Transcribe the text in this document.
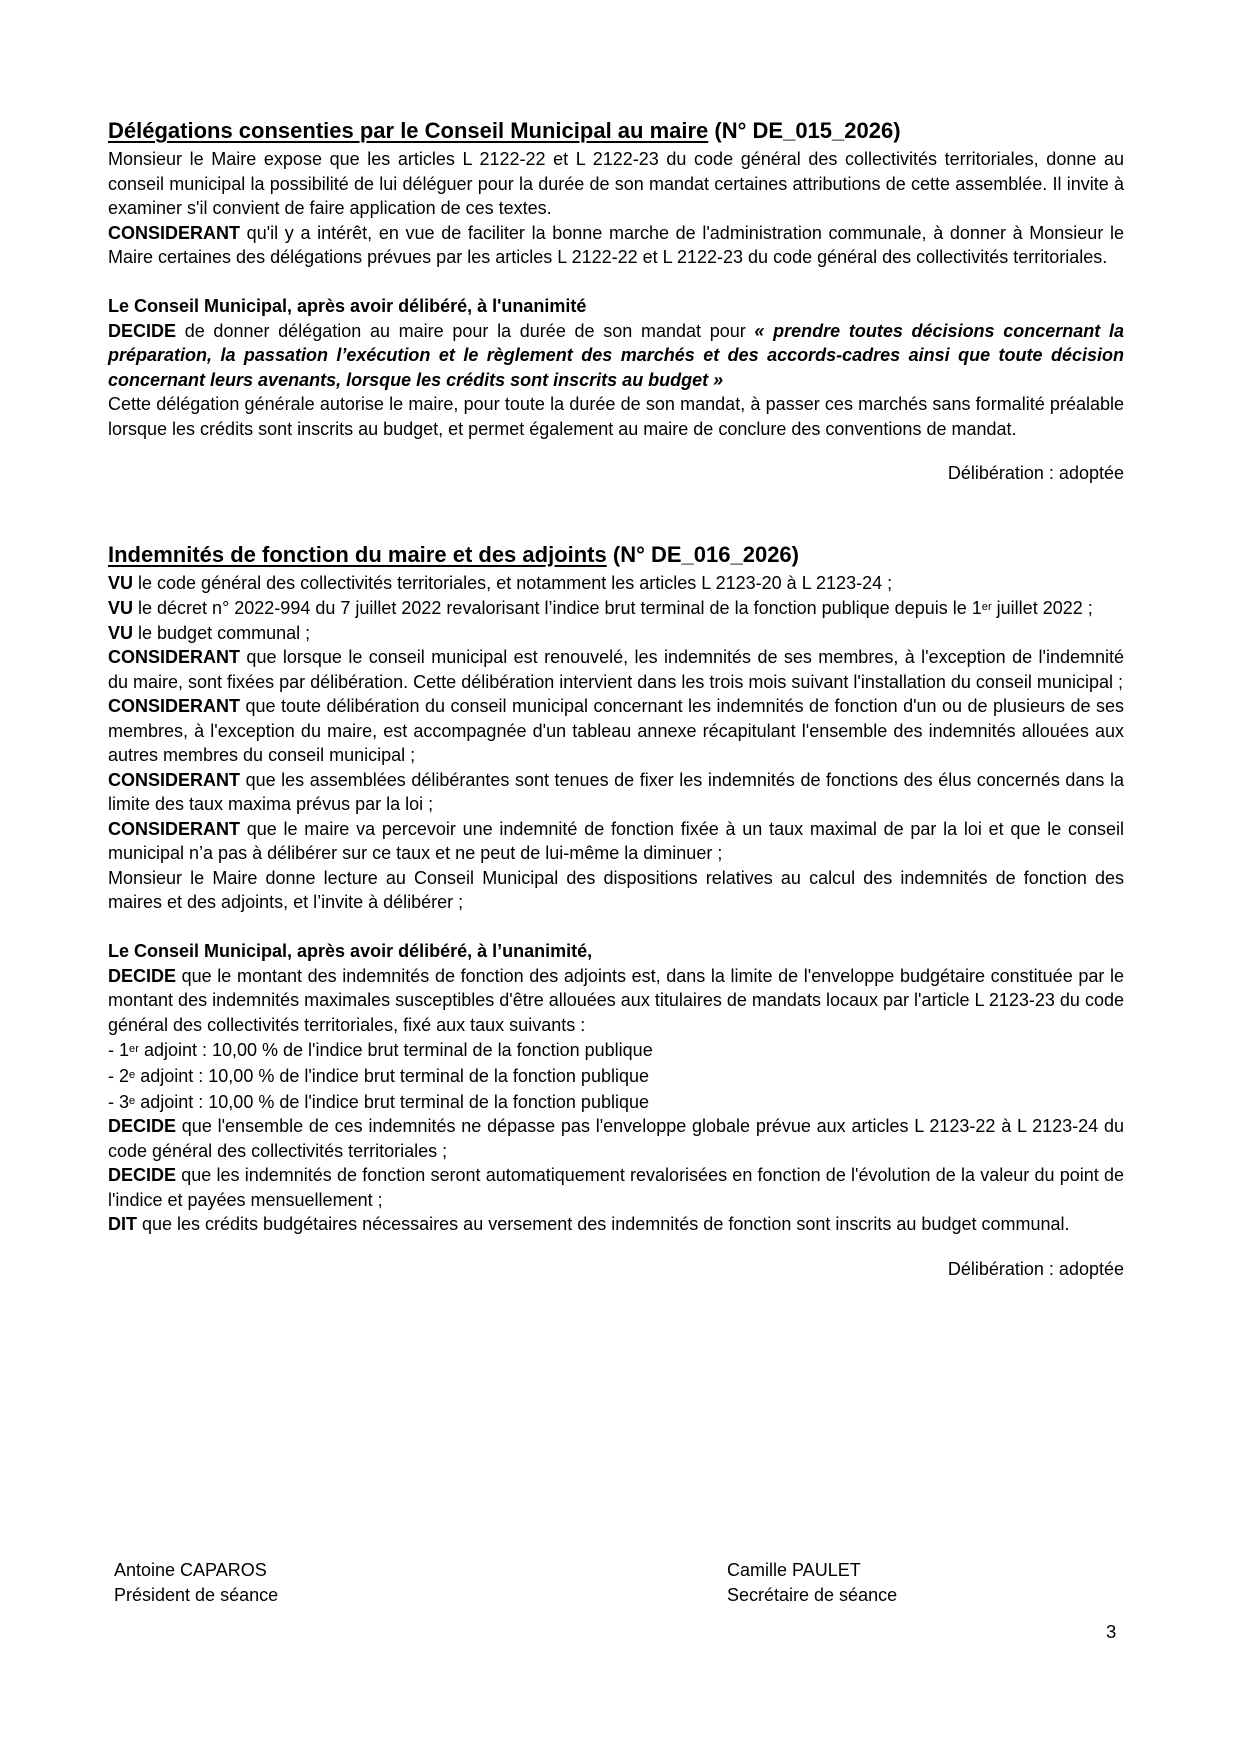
Délégations consenties par le Conseil Municipal au maire (N° DE_015_2026)

Monsieur le Maire expose que les articles L 2122-22 et L 2122-23 du code général des collectivités territoriales, donne au conseil municipal la possibilité de lui déléguer pour la durée de son mandat certaines attributions de cette assemblée. Il invite à examiner s'il convient de faire application de ces textes.

CONSIDERANT qu'il y a intérêt, en vue de faciliter la bonne marche de l'administration communale, à donner à Monsieur le Maire certaines des délégations prévues par les articles L 2122-22 et L 2122-23 du code général des collectivités territoriales.

Le Conseil Municipal, après avoir délibéré, à l'unanimité

DECIDE de donner délégation au maire pour la durée de son mandat pour « prendre toutes décisions concernant la préparation, la passation l’exécution et le règlement des marchés et des accords-cadres ainsi que toute décision concernant leurs avenants, lorsque les crédits sont inscrits au budget »

Cette délégation générale autorise le maire, pour toute la durée de son mandat, à passer ces marchés sans formalité préalable lorsque les crédits sont inscrits au budget, et permet également au maire de conclure des conventions de mandat.

Délibération : adoptée

Indemnités de fonction du maire et des adjoints (N° DE_016_2026)

VU le code général des collectivités territoriales, et notamment les articles L 2123-20 à L 2123-24 ;

VU le décret n° 2022-994 du 7 juillet 2022 revalorisant l’indice brut terminal de la fonction publique depuis le 1er juillet 2022 ;

VU le budget communal ;

CONSIDERANT que lorsque le conseil municipal est renouvelé, les indemnités de ses membres, à l'exception de l'indemnité du maire, sont fixées par délibération. Cette délibération intervient dans les trois mois suivant l'installation du conseil municipal ;

CONSIDERANT que toute délibération du conseil municipal concernant les indemnités de fonction d'un ou de plusieurs de ses membres, à l'exception du maire, est accompagnée d'un tableau annexe récapitulant l'ensemble des indemnités allouées aux autres membres du conseil municipal ;

CONSIDERANT que les assemblées délibérantes sont tenues de fixer les indemnités de fonctions des élus concernés dans la limite des taux maxima prévus par la loi ;

CONSIDERANT que le maire va percevoir une indemnité de fonction fixée à un taux maximal de par la loi et que le conseil municipal n’a pas à délibérer sur ce taux et ne peut de lui-même la diminuer ;

Monsieur le Maire donne lecture au Conseil Municipal des dispositions relatives au calcul des indemnités de fonction des maires et des adjoints, et l’invite à délibérer ;

Le Conseil Municipal, après avoir délibéré, à l’unanimité,

DECIDE que le montant des indemnités de fonction des adjoints est, dans la limite de l'enveloppe budgétaire constituée par le montant des indemnités maximales susceptibles d'être allouées aux titulaires de mandats locaux par l'article L 2123-23 du code général des collectivités territoriales, fixé aux taux suivants :

- 1er adjoint : 10,00 % de l'indice brut terminal de la fonction publique

- 2e adjoint : 10,00 % de l'indice brut terminal de la fonction publique

- 3e adjoint : 10,00 % de l'indice brut terminal de la fonction publique

DECIDE que l'ensemble de ces indemnités ne dépasse pas l'enveloppe globale prévue aux articles L 2123-22 à L 2123-24 du code général des collectivités territoriales ;

DECIDE que les indemnités de fonction seront automatiquement revalorisées en fonction de l'évolution de la valeur du point de l'indice et payées mensuellement ;

DIT que les crédits budgétaires nécessaires au versement des indemnités de fonction sont inscrits au budget communal.

Délibération : adoptée

Antoine CAPAROS
Président de séance
Camille PAULET
Secrétaire de séance
3
